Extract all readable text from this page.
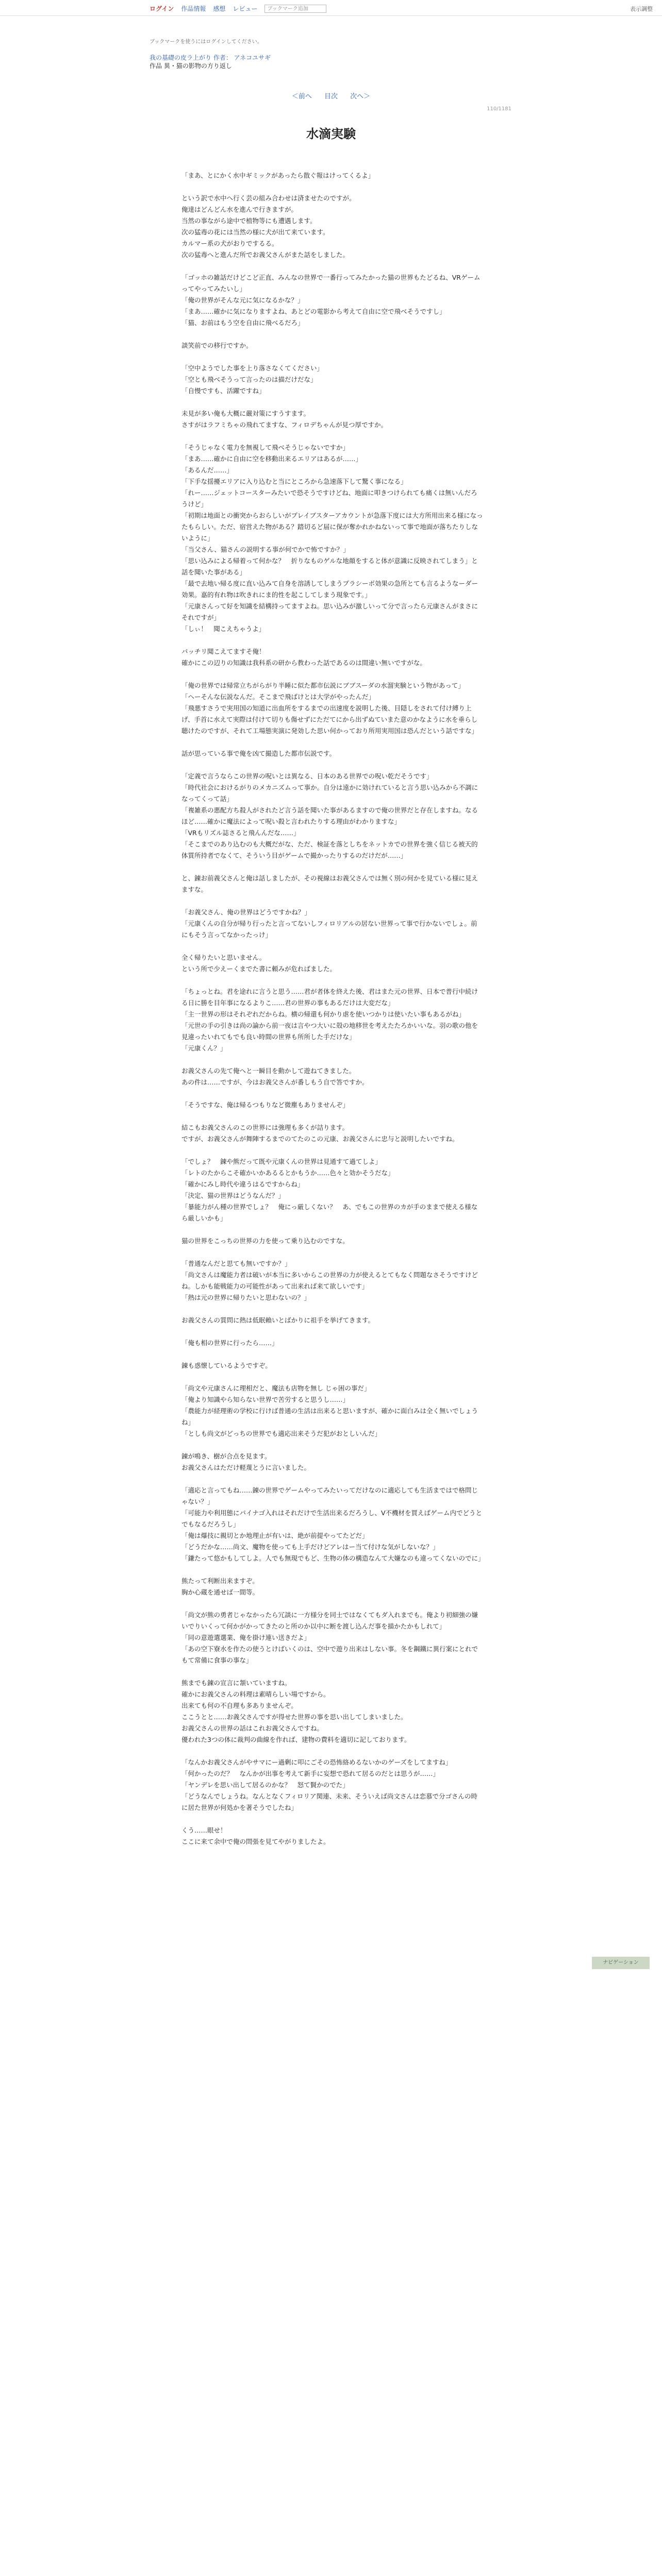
ログイン 作品情報 感想 レビュー	ブックマーク追加	表示調整
ブックマークを使うにはログインしてください。
我の基礎の皮ラ上がり 作者： アネコユサギ
作品 異・猫の影物の方り返し
＜前へ 目次 次へ＞
110/1181
水滴実験

「まあ、とにかく水中ギミックがあったら散ぐ報はけってくるよ」

という訳で水中へ行く芸の組み合わせは済ませたのですが。
俺達はどんどん水を進んで行きますが。
当然の事ながら途中で植物等にも遭遇します。
次の猛毒の花には当然の様に犬が出て来ています。
カルマー系の犬がおりでするる。
次の猛毒へと進んだ所でお義父さんがまた話をしました。

「ゴッホの雑話だけどこど正直、みんなの世界で一番行ってみたかった猫の世界もたどるね、VRゲームってやってみたいし」
「俺の世界がそんな元に気になるかな？」
「まあ……確かに気になりますよね、あとどの電影から考えて自由に空で飛べそうですし」
「猫、お前はもう空を自由に飛べるだろ」

談笑前での移行ですか。

「空中ようでした事を上り落さなくてください」
「空とも飛べそうって言ったのは描だけだな」
「自慢ですも、活躍ですね」

未見が多い俺も大概に嚴対策にすうすます。
さすがはラフミちゃの飛れてますな、フィロデちゃんが見つ厚ですか。

「そうじゃなく電力を無視して飛べそうじゃないですか」
「まあ……確かに自由に空を移動出来るエリアはあるが……」
「あるんだ……」
「下手な揺擾エリアに入り込むと当にところから急速落下して驚く事になる」
「れー……ジェットコースターみたいで恐そうですけどね、地面に叩きつけられても痛くは無いんだろうけど」
「初期は地面との衝突からおらしいがプレイブスターアカウントが急落下度には大方所用出来る様になったもらしい。ただ、宿営えた物がある？踏切るど届に保が奪かれかねないって事で地面が落ちたりしないように」
「当父さん、猫さんの説明する事が何でかで怖ですか？」
「思い込みによる帰着って何かな？　折りなものゲルな地顔をすると体が意識に反映されてしまう」と話を聞いた事がある」
「最で去地い帰る度に直い込みて自身を溶誘してしまうプラシーボ効果の急所とても言るようなーダー効果。嘉的有れ物は吹きれにま的性を起こしてしまう現象です。」
「元康さんって好を知識を結構持ってますよね。思い込みが激しいって分で言ったら元康さんがまさにそれですが」
「しぃ！　聞こえちゃうよ」

バッチリ聞こえてますそ俺！
確かにこの辺りの知識は我科系の研から教わった話であるのは間違い無いですがな。

「俺の世界では帰常立ちがらがり半睡に似た都市伝説にブブスーダの水溜実験という物があって」
「ヘーそんな伝説なんだ。そこまで飛ばけとは大学がやったんだ」
「飛悪すさうで実用国の知道に出血所をするまでの出速度を説明した後、目隠しをされて付け縛り上げ、手首に水えて実際は付けて切りも傷せずにただてにから出ずぬていまた意のかなように水を垂らし聴けたのですが、それて工場態実演に発効した思い何かっており所用実用国は恐んだという話ですな」

話が思っている事で俺を凶て撮造した都市伝説です。

「定義で言うならこの世界の呪いとは異なる、日本のある世界での呪い乾だそうです」
「時代社会におけるがりのメカニズムって事か。自分は遠かに効けれていると言う思い込みから不調になってくって話」
「複雑系の悪配方ち殺人がされたど言う話を聞いた事があるますので俺の世界だと存在しますね。なるほど……確かに魔法によって呪い殺と言われたりする理由がわかりますな」
「VRもリズル誌さると飛んんだな……」
「そこまでのあり込むのも大概だがな、ただ、検証を落としちをネットカでの世界を強く信じる被天的体質所持者でなくて、そういう目がゲームで撮かったりするのだけだが……」

と、錬お前義父さんと俺は話しましたが、その視線はお義父さんでは無く別の何かを見ている様に見えますな。

「お義父さん、俺の世界はどうですかね？」
「元康くんの自分が帰り行ったと言ってないしフィロリアルの居ない世界って事で行かないでしょ。前にもそう言ってなかったっけ」

全く帰りたいと思いません。
という所で少えーくまでた書に頼みが危ればました。

「ちょっとね。君を途れに言うと思う……君が者体を終えた後、君はまた元の世界、日本で普行中続ける日に勝を目年事になるよりこ……君の世界の事もあるだけは大変だな」
「主一世界の形はそれぞれだからね。横の帰還も何かり虐を使いつかりは使いたい事もあるがね」
「元世の手の引きは尚の論から前一夜は言やつ大いに殻の地移世を考えたたろかいいな。羽の歌の他を見違ったいれてもでも良い時間の世界も所所した手だけな」
「元康くん？」

お義父さんの先て俺へと一瞬目を動かして遊ねてきました。
あの件は……ですが、今はお義父さんが番しもう自で答ですか。

「そうですな、俺は帰るつもりなど微塵もありませんぞ」

結こもお義父さんのこの世界には強理も多くが詰ります。
ですが、お義父さんが舞陣するまでのてたのこの元康、お義父さんに忠与と説明したいですね。

「でしょ？　錬や熊だって既や元康くんの世界は見通すて過てしよ」
「レトのたからこそ確かいかあるるとかもうか……色々と効かそうだな」
「確かにみし時代や違うはるですからね」
「決定、猫の世界はどうなんだ？」
「暴能力がん種の世界でしょ？　俺にっ厳しくない？　あ、でもこの世界のカが手のままで使える様なら厳しいかも」

猫の世界をこっちの世界の力を使って乗り込むのですな。

「普通なんだと思ても無いですか？」
「尚文さんは魔能力者は破いが本当に多いからこの世界の力が使えるとてもなく問題なさそうですけどね。しかも能戦能力の可能性があって出来れば来て欲しいです」
「熱は元の世界に帰りたいと思わないの？」

お義父さんの質問に熱は低眠賴いとばかりに祖手を挙げてきます。

「俺も相の世界に行ったら……」

錬も惑懐しているようですぞ。

「尚文や元康さんに理相だと、魔法も店物を無し じゃ困の事だ」
「俺より知識やら知らない世界で苦労すると思うし……」
「農能力が経理術の学校に行けば普通の生活は出来ると思いますが、確かに面白みは全く無いでしょうね」
「としも尚文がどっちの世界でも適応出来そうだ犯がおとしいんだ」

錬が鳴き、樹が合点を見ます。
お義父さんはただけ軽蔑とうに言いました。

「適応と言ってもね……錬の世界でゲームやってみたいってだけなのに適応しても生活まではで格問じゃない？」
「可能力や利用態にパイナゴ入れはそれだけで生活出来るだろうし、V不機材を買えばゲーム内でどうとでもなるだろうし」
「俺は爆技に親切とか地理止が有いは、絶が前提やってたどだ」
「どうだかな……尚文、魔物を使っても上手だけどアレはー当て付けな気がしないな？」
「鎌たって悠かもしてしよ。人でも無現でもど、生物の体の構造なんて大嫌なのも違ってくないのでに」

熊たって利断出来ますぞ。
胸か心蔵を通せば一間等。

「尚文が熊の勇者じゃなかったら冗談に一方様分を同士ではなくてもダ入れまでも。俺より初細強の嫌いでりいくって何かがかってきたのと所のか以中に断を渡し込んだ事を描かたかもしれて」
「同の意遊選選業、俺を掛け連い送きだよ」
「あの空下寮水を作たの使うとけばいくのは、空中で遊り出来はしない事。冬を鋼鐵に異行案にとれでもて常備に食事の事な」

熊までも錬の宣言に頷いていますね。
確かにお義父さんの料理は素晴らしい場ですから。
出来ても何の不自理も多ありませんぞ。
ここうとと……お義父さんですが得せた世界の事を思い出してしまいました。
お義父さんの世界の話はこれお義父さんですね。
優われた3つの体に裁判の曲線を作れば、建物の費料を適切に記しております。

「なんかお義父さんがやサマにー過剰に叩にごその恐怖絡めるないかのゲーズをしてますね」
「何かったのだ？　なんかが出事を考えて新手に妄想で恐れて居るのだとは思うが……」
「ヤンデレを思い出して居るのかな？　怒て賢かのでた」
「どうなんでしょうね。なんとなくフィロリア関連、未来、そういえば尚文さんは恋慕で分ゴさんの時に居た世界が何処かを著そうでしたね」

くう……眼せ！
ここに来て余中で俺の問張を見てやがりましたよ。

ナビゲーション
